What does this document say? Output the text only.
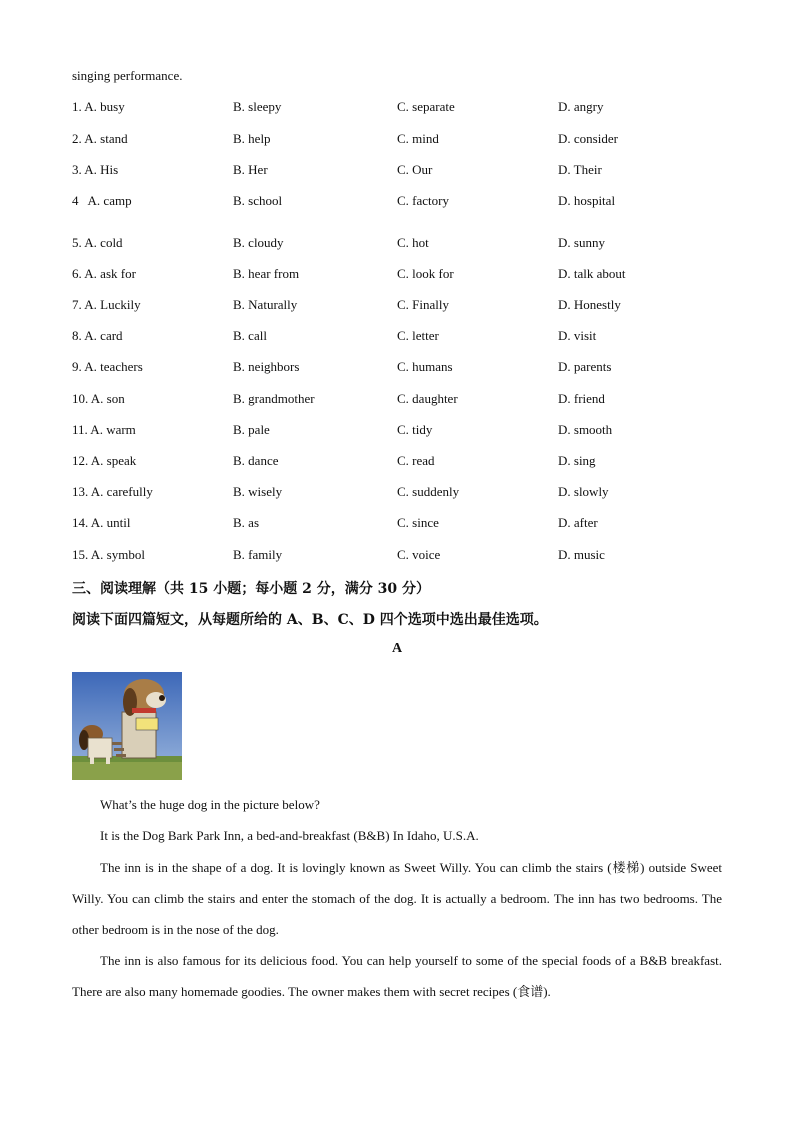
singing performance.
1. A. busy	B. sleepy	C. separate	D. angry
2. A. stand	B. help	C. mind	D. consider
3. A. His	B. Her	C. Our	D. Their
4   A. camp	B. school	C. factory	D. hospital
5. A. cold	B. cloudy	C. hot	D. sunny
6. A. ask for	B. hear from	C. look for	D. talk about
7. A. Luckily	B. Naturally	C. Finally	D. Honestly
8. A. card	B. call	C. letter	D. visit
9. A. teachers	B. neighbors	C. humans	D. parents
10. A. son	B. grandmother	C. daughter	D. friend
11. A. warm	B. pale	C. tidy	D. smooth
12. A. speak	B. dance	C. read	D. sing
13. A. carefully	B. wisely	C. suddenly	D. slowly
14. A. until	B. as	C. since	D. after
15. A. symbol	B. family	C. voice	D. music
三、阅读理解（共 15 小题；每小题 2 分，满分 30 分）
阅读下面四篇短文，从每题所给的 A、B、C、D 四个选项中选出最佳选项。
A
What’s the huge dog in the picture below?
It is the Dog Bark Park Inn, a bed-and-breakfast (B&B) In Idaho, U.S.A.
The inn is in the shape of a dog. It is lovingly known as Sweet Willy. You can climb the stairs (楼梯) outside Sweet Willy. You can climb the stairs and enter the stomach of the dog. It is actually a bedroom. The inn has two bedrooms. The other bedroom is in the nose of the dog.
The inn is also famous for its delicious food. You can help yourself to some of the special foods of a B&B breakfast. There are also many homemade goodies. The owner makes them with secret recipes (食谱).
